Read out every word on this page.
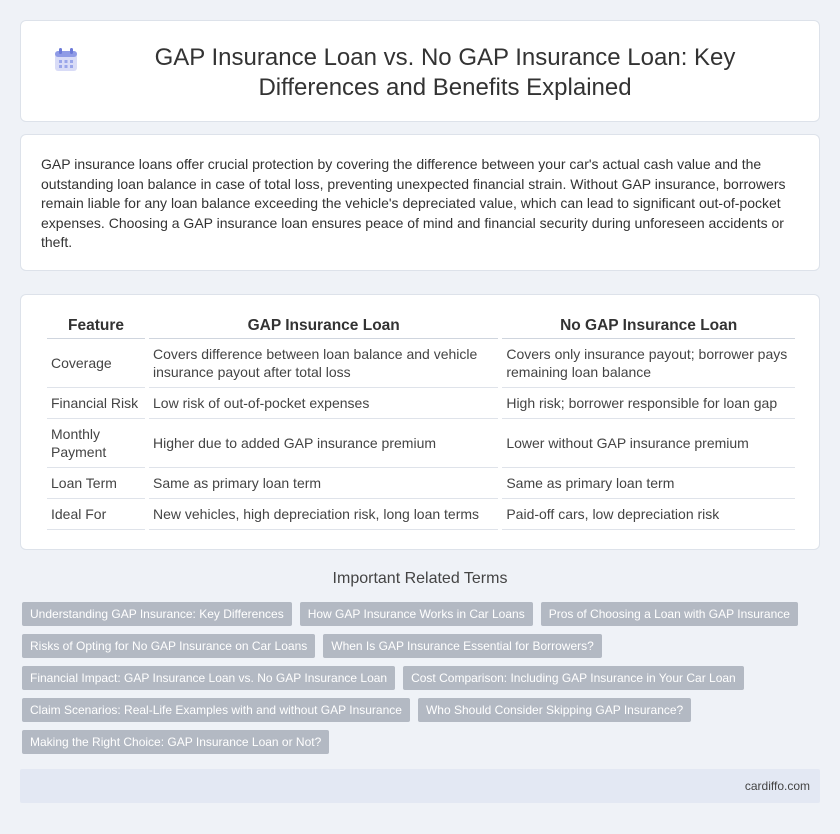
GAP Insurance Loan vs. No GAP Insurance Loan: Key Differences and Benefits Explained

GAP insurance loans offer crucial protection by covering the difference between your car's actual cash value and the outstanding loan balance in case of total loss, preventing unexpected financial strain. Without GAP insurance, borrowers remain liable for any loan balance exceeding the vehicle's depreciated value, which can lead to significant out-of-pocket expenses. Choosing a GAP insurance loan ensures peace of mind and financial security during unforeseen accidents or theft.

Feature	GAP Insurance Loan	No GAP Insurance Loan
Coverage	Covers difference between loan balance and vehicle insurance payout after total loss	Covers only insurance payout; borrower pays remaining loan balance
Financial Risk	Low risk of out-of-pocket expenses	High risk; borrower responsible for loan gap
Monthly Payment	Higher due to added GAP insurance premium	Lower without GAP insurance premium
Loan Term	Same as primary loan term	Same as primary loan term
Ideal For	New vehicles, high depreciation risk, long loan terms	Paid-off cars, low depreciation risk
Important Related Terms
Understanding GAP Insurance: Key Differences	How GAP Insurance Works in Car Loans	Pros of Choosing a Loan with GAP Insurance
Risks of Opting for No GAP Insurance on Car Loans	When Is GAP Insurance Essential for Borrowers?
Financial Impact: GAP Insurance Loan vs. No GAP Insurance Loan	Cost Comparison: Including GAP Insurance in Your Car Loan
Claim Scenarios: Real-Life Examples with and without GAP Insurance	Who Should Consider Skipping GAP Insurance?
Making the Right Choice: GAP Insurance Loan or Not?
cardiffo.com
